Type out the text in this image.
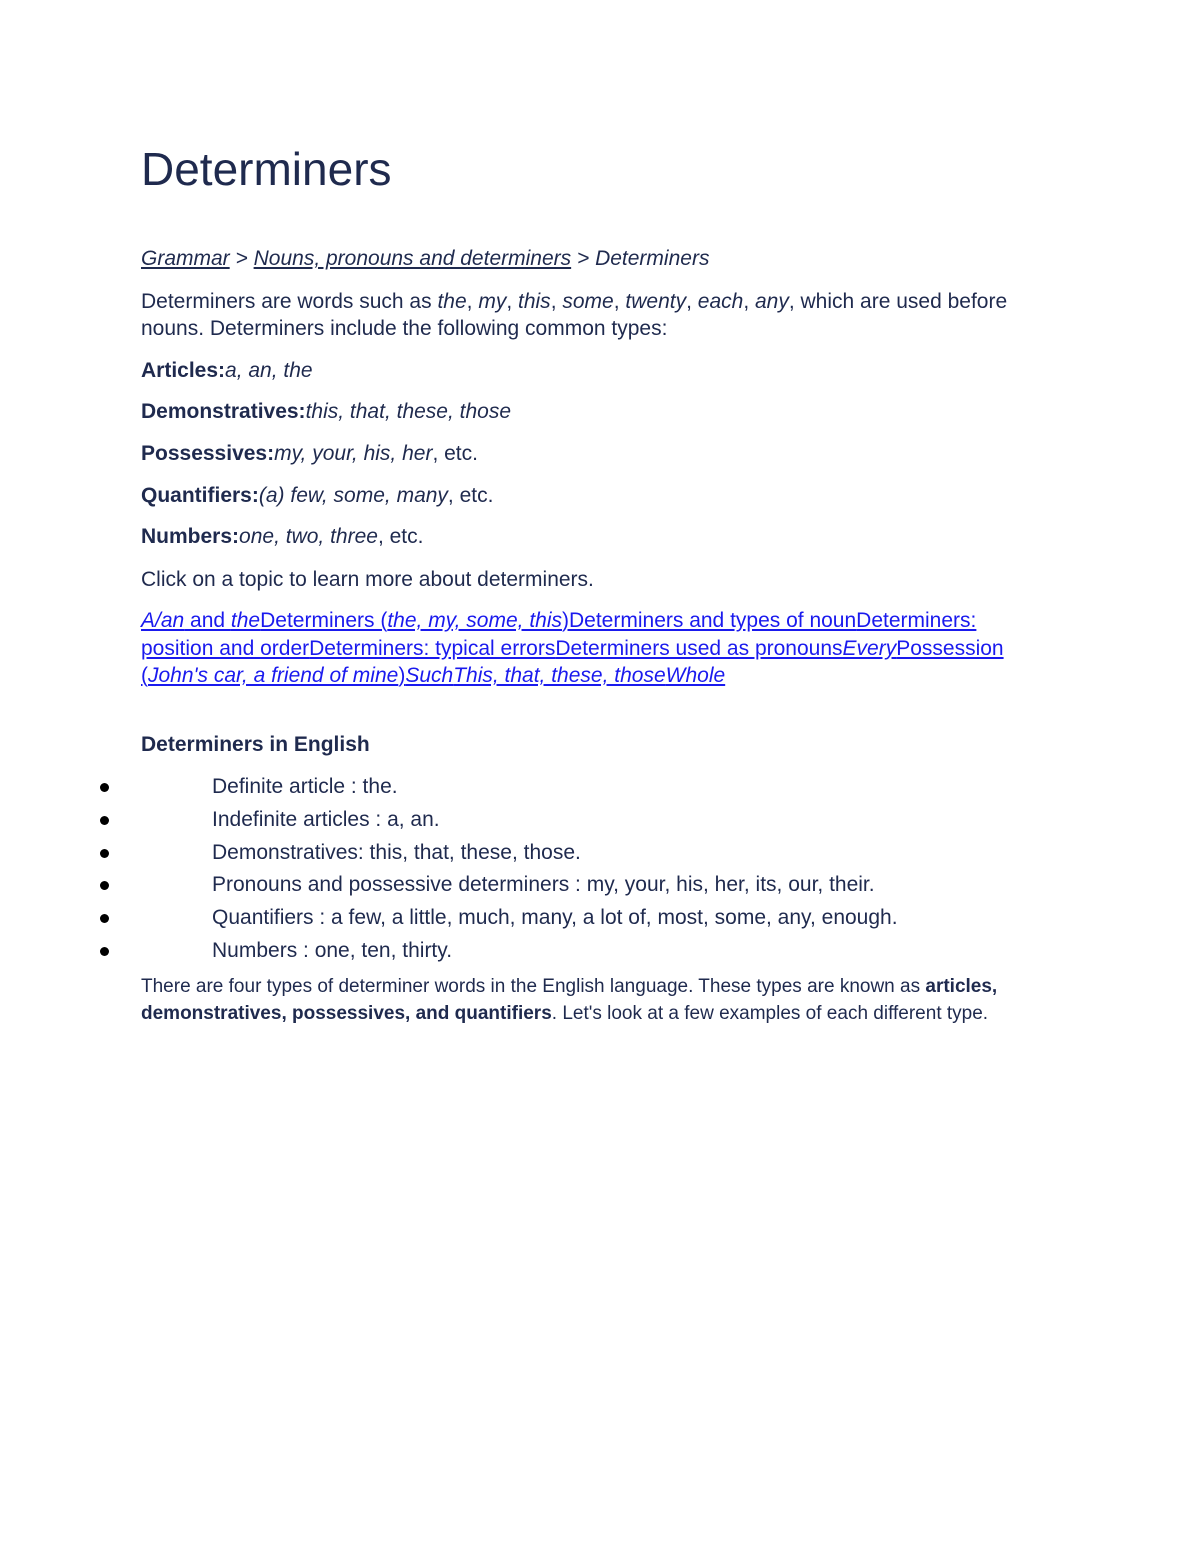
Determiners
Grammar > Nouns, pronouns and determiners > Determiners
Determiners are words such as the, my, this, some, twenty, each, any, which are used before nouns. Determiners include the following common types:
Articles:a, an, the
Demonstratives:this, that, these, those
Possessives:my, your, his, her, etc.
Quantifiers:(a) few, some, many, etc.
Numbers:one, two, three, etc.
Click on a topic to learn more about determiners.
A/an and theDeterminers (the, my, some, this)Determiners and types of nounDeterminers: position and orderDeterminers: typical errorsDeterminers used as pronounsEveryPossession (John's car, a friend of mine)SuchThis, that, these, thoseWhole
Determiners in English
Definite article : the.
Indefinite articles : a, an.
Demonstratives: this, that, these, those.
Pronouns and possessive determiners : my, your, his, her, its, our, their.
Quantifiers : a few, a little, much, many, a lot of, most, some, any, enough.
Numbers : one, ten, thirty.
There are four types of determiner words in the English language. These types are known as articles, demonstratives, possessives, and quantifiers. Let's look at a few examples of each different type.
